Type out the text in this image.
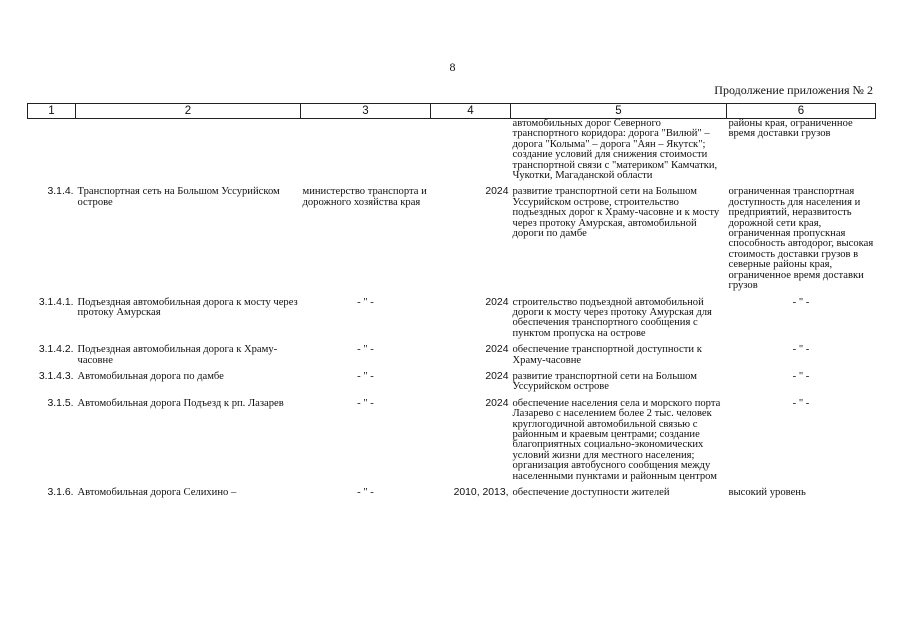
8
Продолжение приложения № 2
1	2	3	4	5	6
				автомобильных дорог Северного транспортного коридора: дорога "Вилюй" – дорога "Колыма" – дорога "Аян – Якутск"; создание условий для снижения стоимости транспортной связи с "материком" Камчатки, Чукотки, Магаданской области	районы края, ограниченное время доставки грузов
3.1.4.	Транспортная сеть на Большом Уссурийском острове	министерство транспорта и дорожного хозяйства края	2024	развитие транспортной сети на Большом Уссурийском острове, строительство подъездных дорог к Храму-часовне и к мосту через протоку Амурская, автомобильной дороги по дамбе	ограниченная транспортная доступность для населения и предприятий, неразвитость дорожной сети края, ограниченная пропускная способность автодорог, высокая стоимость доставки грузов в северные районы края, ограниченное время доставки грузов
3.1.4.1.	Подъездная автомобильная дорога к мосту через протоку Амурская	- " -	2024	строительство подъездной автомобильной дороги к мосту через протоку Амурская для обеспечения транспортного сообщения с пунктом пропуска на острове	- " -
3.1.4.2.	Подъездная автомобильная дорога к Храму-часовне	- " -	2024	обеспечение транспортной доступности к Храму-часовне	- " -
3.1.4.3.	Автомобильная дорога по дамбе	- " -	2024	развитие транспортной сети на Большом Уссурийском острове	- " -
3.1.5.	Автомобильная дорога Подъезд к рп. Лазарев	- " -	2024	обеспечение населения села и морского порта Лазарево с населением более 2 тыс. человек круглогодичной автомобильной связью с районным и краевым центрами; создание благоприятных социально-экономических условий жизни для местного населения; организация автобусного сообщения между населенными пунктами и районным центром	- " -
3.1.6.	Автомобильная дорога Селихино –	- " -	2010, 2013,	обеспечение доступности жителей	высокий уровень
